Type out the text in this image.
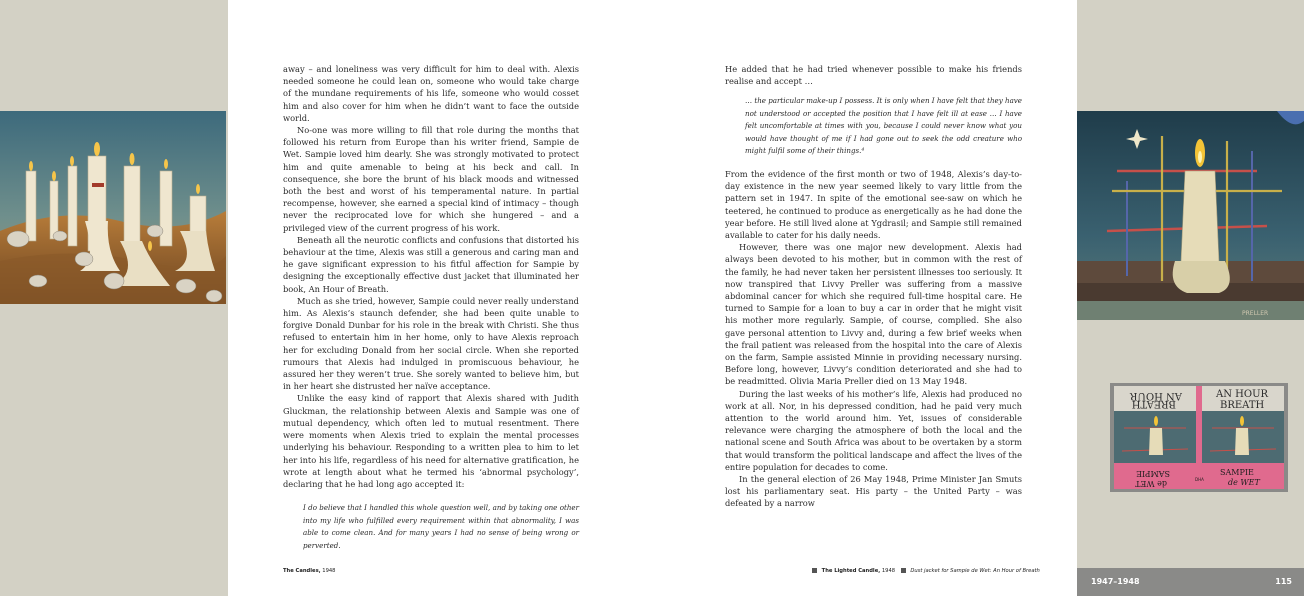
PRELLER
AN HOUR
BREATH
AN HOUR
BREATH
SAMPIE	SAMPIE
de WET
de WET	DHA

away – and loneliness was very difficult for him to deal with. Alexis needed someone he could lean on, someone who would take charge of the mundane requirements of his life, someone who would cosset him and also cover for him when he didn’t want to face the outside world.

No-one was more willing to fill that role during the months that followed his return from Europe than his writer friend, Sampie de Wet. Sampie loved him dearly. She was strongly motivated to protect him and quite amenable to being at his beck and call. In consequence, she bore the brunt of his black moods and witnessed both the best and worst of his temperamental nature. In partial recompense, however, she earned a special kind of intimacy – though never the reciprocated love for which she hungered – and a privileged view of the current progress of his work.

Beneath all the neurotic conflicts and confusions that distorted his behaviour at the time, Alexis was still a generous and caring man and he gave significant expression to his fitful affection for Sampie by designing the exceptionally effective dust jacket that illuminated her book, An Hour of Breath.

Much as she tried, however, Sampie could never really understand him. As Alexis’s staunch defender, she had been quite unable to forgive Donald Dunbar for his role in the break with Christi. She thus refused to entertain him in her home, only to have Alexis reproach her for excluding Donald from her social circle. When she reported rumours that Alexis had indulged in promiscuous behaviour, he assured her they weren’t true. She sorely wanted to believe him, but in her heart she distrusted her naïve acceptance.

Unlike the easy kind of rapport that Alexis shared with Judith Gluckman, the relationship between Alexis and Sampie was one of mutual dependency, which often led to mutual resentment. There were moments when Alexis tried to explain the mental processes underlying his behaviour. Responding to a written plea to him to let her into his life, regardless of his need for alternative gratification, he wrote at length about what he termed his ‘abnormal psychology’, declaring that he had long ago accepted it:

I do believe that I handled this whole question well, and by taking one other into my life who fulfilled every requirement within that abnormality, I was able to come clean. And for many years I had no sense of being wrong or perverted.

The Candles, 1948

He added that he had tried whenever possible to make his friends realise and accept …

… the particular make-up I possess. It is only when I have felt that they have not understood or accepted the position that I have felt ill at ease … I have felt uncomfortable at times with you, because I could never know what you would have thought of me if I had gone out to seek the odd creature who might fulfil some of their things.⁴

From the evidence of the first month or two of 1948, Alexis’s day-to-day existence in the new year seemed likely to vary little from the pattern set in 1947. In spite of the emotional see-saw on which he teetered, he continued to produce as energetically as he had done the year before. He still lived alone at Ygdrasil; and Sampie still remained available to cater for his daily needs.

However, there was one major new development. Alexis had always been devoted to his mother, but in common with the rest of the family, he had never taken her persistent illnesses too seriously. It now transpired that Livvy Preller was suffering from a massive abdominal cancer for which she required full-time hospital care. He turned to Sampie for a loan to buy a car in order that he might visit his mother more regularly. Sampie, of course, complied. She also gave personal attention to Livvy and, during a few brief weeks when the frail patient was released from the hospital into the care of Alexis on the farm, Sampie assisted Minnie in providing necessary nursing. Before long, however, Livvy’s condition deteriorated and she had to be readmitted. Olivia Maria Preller died on 13 May 1948.

During the last weeks of his mother’s life, Alexis had produced no work at all. Nor, in his depressed condition, had he paid very much attention to the world around him. Yet, issues of considerable relevance were charging the atmosphere of both the local and the national scene and South Africa was about to be overtaken by a storm that would transform the political landscape and affect the lives of the entire population for decades to come.

In the general election of 26 May 1948, Prime Minister Jan Smuts lost his parliamentary seat. His party – the United Party – was defeated by a narrow

The Lighted Candle, 1948	Dust jacket for Sampie de Wet: An Hour of Breath
1947–1948	115
